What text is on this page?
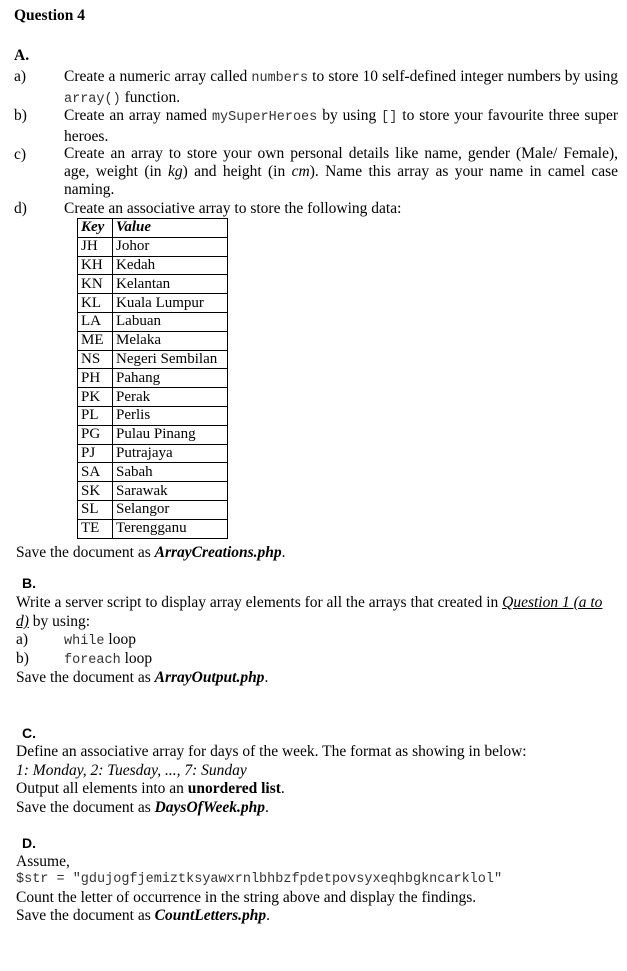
Question 4
A.
a)	Create a numeric array called numbers to store 10 self-defined integer numbers by using array() function.
b)	Create an array named mySuperHeroes by using [] to store your favourite three super heroes.
c)	Create an array to store your own personal details like name, gender (Male/ Female), age, weight (in kg) and height (in cm). Name this array as your name in camel case naming.
d)	Create an associative array to store the following data:
Key	Value
JH	Johor
KH	Kedah
KN	Kelantan
KL	Kuala Lumpur
LA	Labuan
ME	Melaka
NS	Negeri Sembilan
PH	Pahang
PK	Perak
PL	Perlis
PG	Pulau Pinang
PJ	Putrajaya
SA	Sabah
SK	Sarawak
SL	Selangor
TE	Terengganu
Save the document as ArrayCreations.php.
B.
Write a server script to display array elements for all the arrays that created in Question 1 (a to d) by using:
a)	while loop
b)	foreach loop
Save the document as ArrayOutput.php.
C.
Define an associative array for days of the week. The format as showing in below:
1: Monday, 2: Tuesday, ..., 7: Sunday
Output all elements into an unordered list.
Save the document as DaysOfWeek.php.
D.
Assume,
$str = "gdujogfjemiztksyawxrnlbhbzfpdetpovsyxeqhbgkncarklol"
Count the letter of occurrence in the string above and display the findings.
Save the document as CountLetters.php.
